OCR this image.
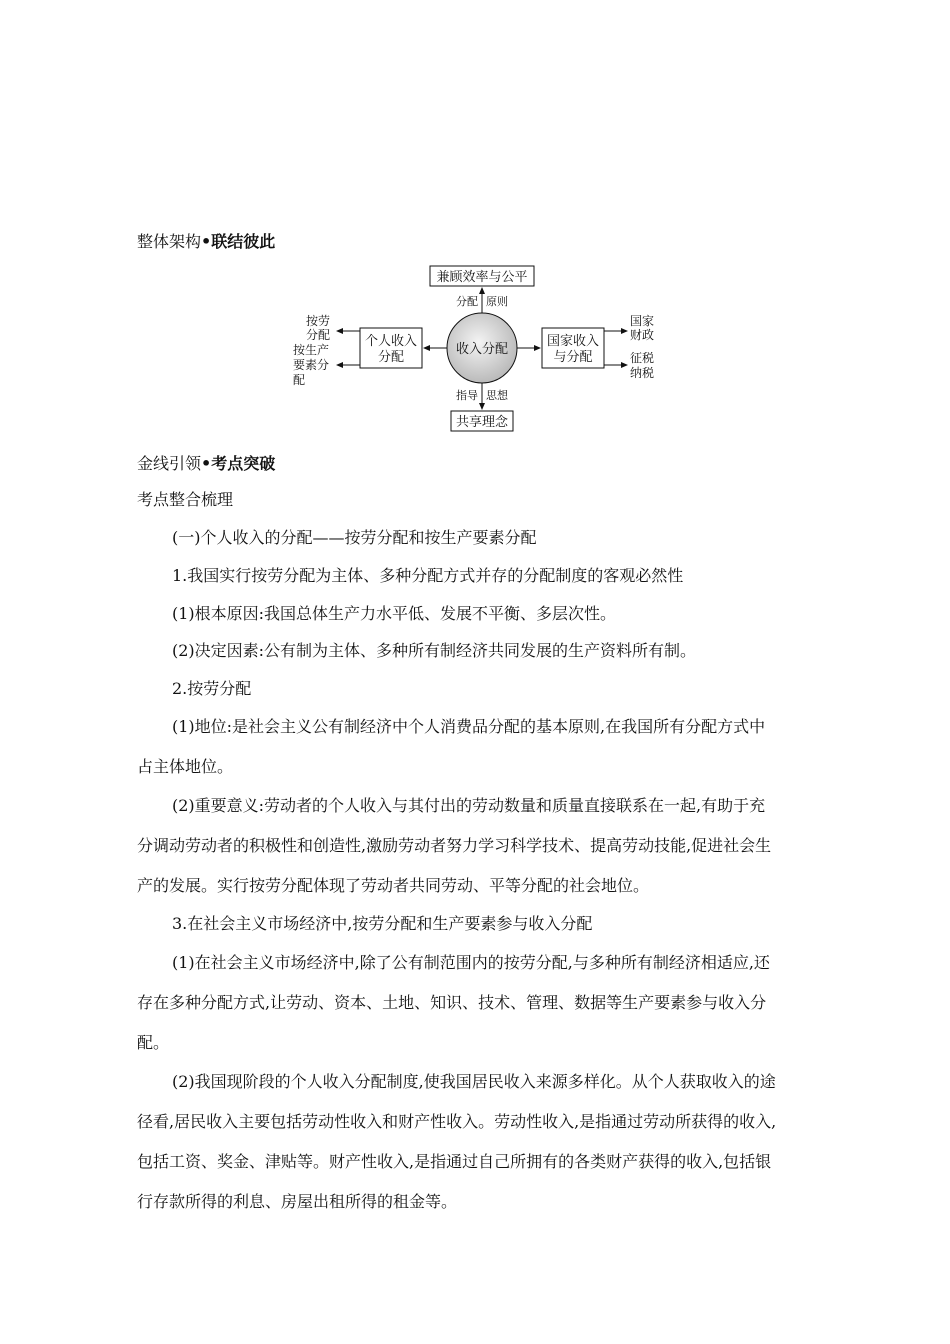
整体架构•联结彼此
兼顾效率与公平
共享理念
收入分配
分配 原则
指导 思想
个人收入
分配
国家收入
与分配
按劳
分配
按生产
要素分
配
国家
财政
征税
纳税
金线引领•考点突破
考点整合梳理
(一)个人收入的分配——按劳分配和按生产要素分配
1.我国实行按劳分配为主体、多种分配方式并存的分配制度的客观必然性
(1)根本原因:我国总体生产力水平低、发展不平衡、多层次性。
(2)决定因素:公有制为主体、多种所有制经济共同发展的生产资料所有制。
2.按劳分配
(1)地位:是社会主义公有制经济中个人消费品分配的基本原则,在我国所有分配方式中
占主体地位。
(2)重要意义:劳动者的个人收入与其付出的劳动数量和质量直接联系在一起,有助于充
分调动劳动者的积极性和创造性,激励劳动者努力学习科学技术、提高劳动技能,促进社会生
产的发展。实行按劳分配体现了劳动者共同劳动、平等分配的社会地位。
3.在社会主义市场经济中,按劳分配和生产要素参与收入分配
(1)在社会主义市场经济中,除了公有制范围内的按劳分配,与多种所有制经济相适应,还
存在多种分配方式,让劳动、资本、土地、知识、技术、管理、数据等生产要素参与收入分
配。
(2)我国现阶段的个人收入分配制度,使我国居民收入来源多样化。从个人获取收入的途
径看,居民收入主要包括劳动性收入和财产性收入。劳动性收入,是指通过劳动所获得的收入,
包括工资、奖金、津贴等。财产性收入,是指通过自己所拥有的各类财产获得的收入,包括银
行存款所得的利息、房屋出租所得的租金等。
